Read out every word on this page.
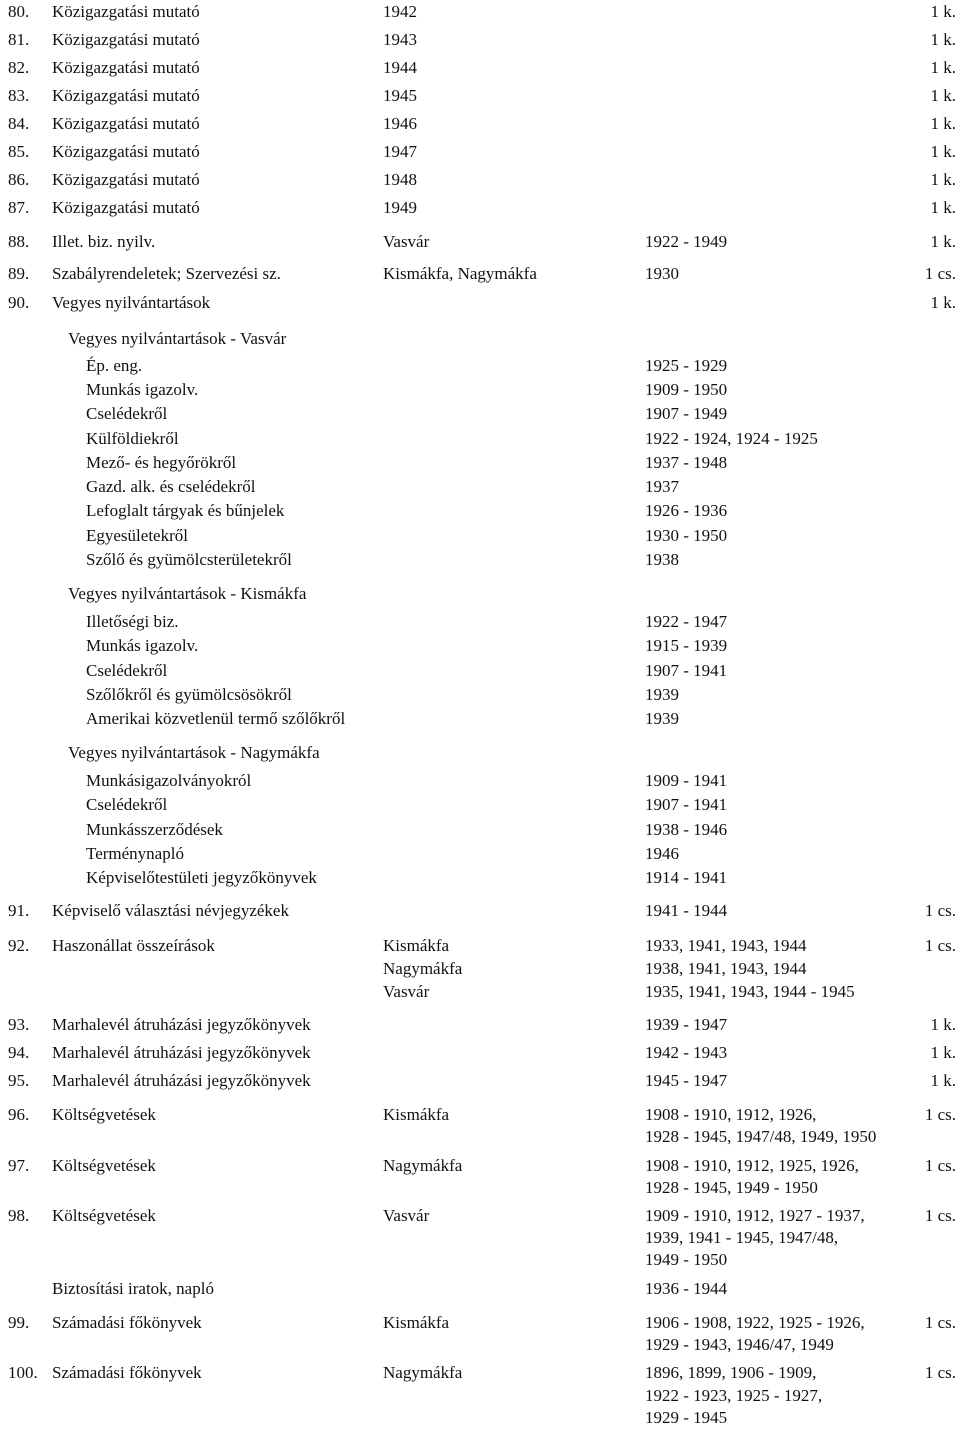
80. Közigazgatási mutató	1942	1 k.
81. Közigazgatási mutató	1943	1 k.
82. Közigazgatási mutató	1944	1 k.
83. Közigazgatási mutató	1945	1 k.
84. Közigazgatási mutató	1946	1 k.
85. Közigazgatási mutató	1947	1 k.
86. Közigazgatási mutató	1948	1 k.
87. Közigazgatási mutató	1949	1 k.
88. Illet. biz. nyilv.	Vasvár	1922 - 1949	1 k.
89. Szabályrendeletek; Szervezési sz.	Kismákfa, Nagymákfa	1930	1 cs.
90. Vegyes nyilvántartások	1 k.
Vegyes nyilvántartások - Vasvár
Ép. eng.	1925 - 1929
Munkás igazolv.	1909 - 1950
Cselédekről	1907 - 1949
Külföldiekről	1922 - 1924, 1924 - 1925
Mező- és hegyőrökről	1937 - 1948
Gazd. alk. és cselédekről	1937
Lefoglalt tárgyak és bűnjelek	1926 - 1936
Egyesületekről	1930 - 1950
Szőlő és gyümölcsterületekről	1938
Vegyes nyilvántartások - Kismákfa
Illetőségi biz.	1922 - 1947
Munkás igazolv.	1915 - 1939
Cselédekről	1907 - 1941
Szőlőkről és gyümölcsösökről	1939
Amerikai közvetlenül termő szőlőkről	1939
Vegyes nyilvántartások - Nagymákfa
Munkásigazolványokról	1909 - 1941
Cselédekről	1907 - 1941
Munkásszerződések	1938 - 1946
Terménynapló	1946
Képviselőtestületi jegyzőkönyvek	1914 - 1941
91. Képviselő választási névjegyzékek	1941 - 1944	1 cs.
92. Haszonállat összeírások	Kismákfa	1933, 1941, 1943, 1944	1 cs.
Nagymákfa	1938, 1941, 1943, 1944
Vasvár	1935, 1941, 1943, 1944 - 1945
93. Marhalevél átruházási jegyzőkönyvek	1939 - 1947	1 k.
94. Marhalevél átruházási jegyzőkönyvek	1942 - 1943	1 k.
95. Marhalevél átruházási jegyzőkönyvek	1945 - 1947	1 k.
96. Költségvetések	Kismákfa	1908 - 1910, 1912, 1926,	1 cs.
1928 - 1945, 1947/48, 1949, 1950
97. Költségvetések	Nagymákfa	1908 - 1910, 1912, 1925, 1926,	1 cs.
1928 - 1945, 1949 - 1950
98. Költségvetések	Vasvár	1909 - 1910, 1912, 1927 - 1937,	1 cs.
1939, 1941 - 1945, 1947/48,
1949 - 1950
Biztosítási iratok, napló	1936 - 1944
99. Számadási főkönyvek	Kismákfa	1906 - 1908, 1922, 1925 - 1926,	1 cs.
1929 - 1943, 1946/47, 1949
100. Számadási főkönyvek	Nagymákfa	1896, 1899, 1906 - 1909,	1 cs.
1922 - 1923, 1925 - 1927,
1929 - 1945
